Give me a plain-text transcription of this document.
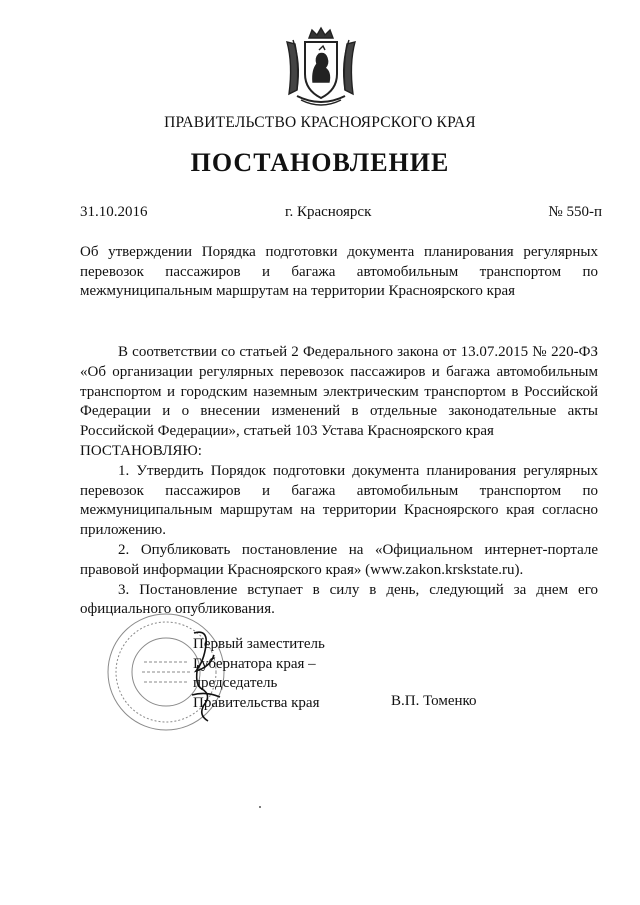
ПРАВИТЕЛЬСТВО КРАСНОЯРСКОГО КРАЯ
ПОСТАНОВЛЕНИЕ
31.10.2016	г. Красноярск	№ 550-п

Об утверждении Порядка подготовки документа планирования регулярных перевозок пассажиров и багажа автомобильным транспортом по межмуниципальным маршрутам на территории Красноярского края

В соответствии со статьей 2 Федерального закона от 13.07.2015 № 220-ФЗ «Об организации регулярных перевозок пассажиров и багажа автомобильным транспортом и городским наземным электрическим транспортом в Российской Федерации и о внесении изменений в отдельные законодательные акты Российской Федерации», статьей 103 Устава Красноярского края

ПОСТАНОВЛЯЮ:

1. Утвердить Порядок подготовки документа планирования регулярных перевозок пассажиров и багажа автомобильным транспортом по межмуниципальным маршрутам на территории Красноярского края согласно приложению.

2. Опубликовать постановление на «Официальном интернет-портале правовой информации Красноярского края» (www.zakon.krskstate.ru).

3. Постановление вступает в силу в день, следующий за днем его официального опубликования.

Первый заместитель
Губернатора края –
председатель
Правительства края	В.П. Томенко
